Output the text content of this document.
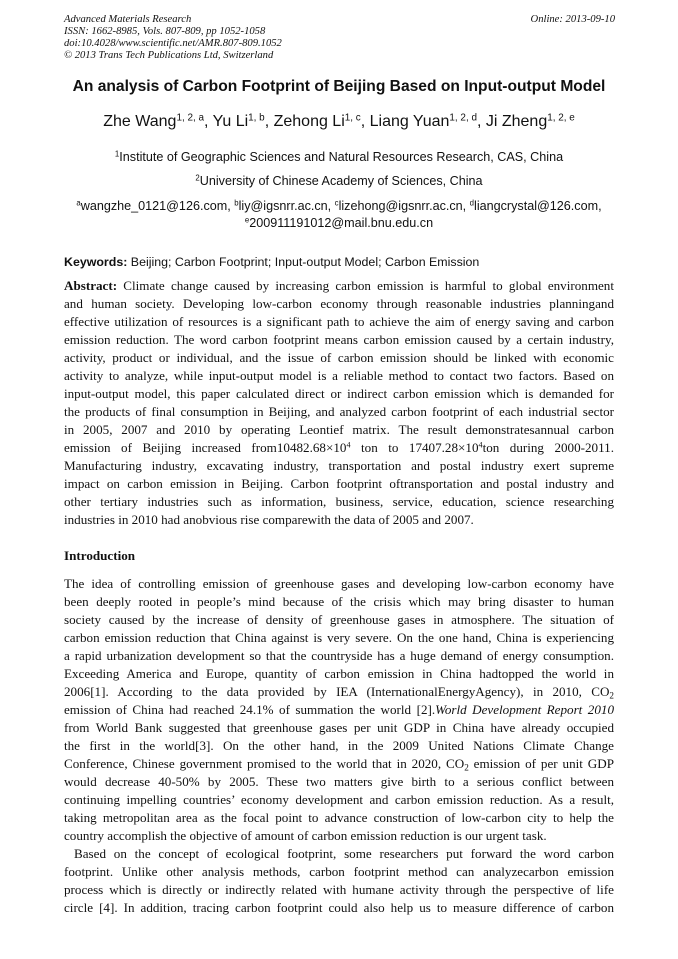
Advanced Materials Research
ISSN: 1662-8985, Vols. 807-809, pp 1052-1058
doi:10.4028/www.scientific.net/AMR.807-809.1052
© 2013 Trans Tech Publications Ltd, Switzerland
Online: 2013-09-10
An analysis of Carbon Footprint of Beijing Based on Input-output Model
Zhe Wang$^{1, 2, a}$, Yu Li$^{1, b}$, Zehong Li$^{1, c}$, Liang Yuan$^{1, 2, d}$, Ji Zheng$^{1, 2, e}$
$^1$Institute of Geographic Sciences and Natural Resources Research, CAS, China
$^2$University of Chinese Academy of Sciences, China
$^a$wangzhe_0121@126.com, $^b$liy@igsnrr.ac.cn, $^c$lizehong@igsnrr.ac.cn, $^d$liangcrystal@126.com,
$^e$200911191012@mail.bnu.edu.cn
Keywords: Beijing; Carbon Footprint; Input-output Model; Carbon Emission
Abstract: Climate change caused by increasing carbon emission is harmful to global environment
and human society. Developing low-carbon economy through reasonable industries planningand
effective utilization of resources is a significant path to achieve the aim of energy saving and carbon
emission reduction. The word carbon footprint means carbon emission caused by a certain industry,
activity, product or individual, and the issue of carbon emission should be linked with economic
activity to analyze, while input-output model is a reliable method to contact two factors. Based on
input-output model, this paper calculated direct or indirect carbon emission which is demanded for
the products of final consumption in Beijing, and analyzed carbon footprint of each industrial sector
in 2005, 2007 and 2010 by operating Leontief matrix. The result demonstratesannual carbon
emission of Beijing increased $from10482.68\times 10^4$ ton to $17407.28\times 10^4ton$ during 2000-2011.
Manufacturing industry, excavating industry, transportation and postal industry exert supreme
impact on carbon emission in Beijing. Carbon footprint oftransportation and postal industry and
other tertiary industries such as information, business, service, education, science researching
industries in 2010 had anobvious rise comparewith the data of 2005 and 2007.
Introduction
The idea of controlling emission of greenhouse gases and developing low-carbon economy have
been deeply rooted in people’s mind because of the crisis which may bring disaster to human
society caused by the increase of density of greenhouse gases in atmosphere. The situation of
carbon emission reduction that China against is very severe. On the one hand, China is experiencing
a rapid urbanization development so that the countryside has a huge demand of energy consumption.
Exceeding America and Europe, quantity of carbon emission in China hadtopped the world in
2006[1]. According to the data provided by IEA (InternationalEnergyAgency), in 2010, $CO_2$
emission of China had reached 24.1% of summation the world [2].World Development Report 2010
from World Bank suggested that greenhouse gases per unit GDP in China have already occupied
the first in the world[3]. On the other hand, in the 2009 United Nations Climate Change
Conference, Chinese government promised to the world that in 2020, $CO_2$ emission of per unit GDP
would decrease 40-50% by 2005. These two matters give birth to a serious conflict between
continuing impelling countries’ economy development and carbon emission reduction. As a result,
taking metropolitan area as the focal point to advance construction of low-carbon city to help the
country accomplish the objective of amount of carbon emission reduction is our urgent task.
Based on the concept of ecological footprint, some researchers put forward the word carbon
footprint. Unlike other analysis methods, carbon footprint method can analyzecarbon emission
process which is directly or indirectly related with humane activity through the perspective of life
circle [4]. In addition, tracing carbon footprint could also help us to measure difference of carbon
